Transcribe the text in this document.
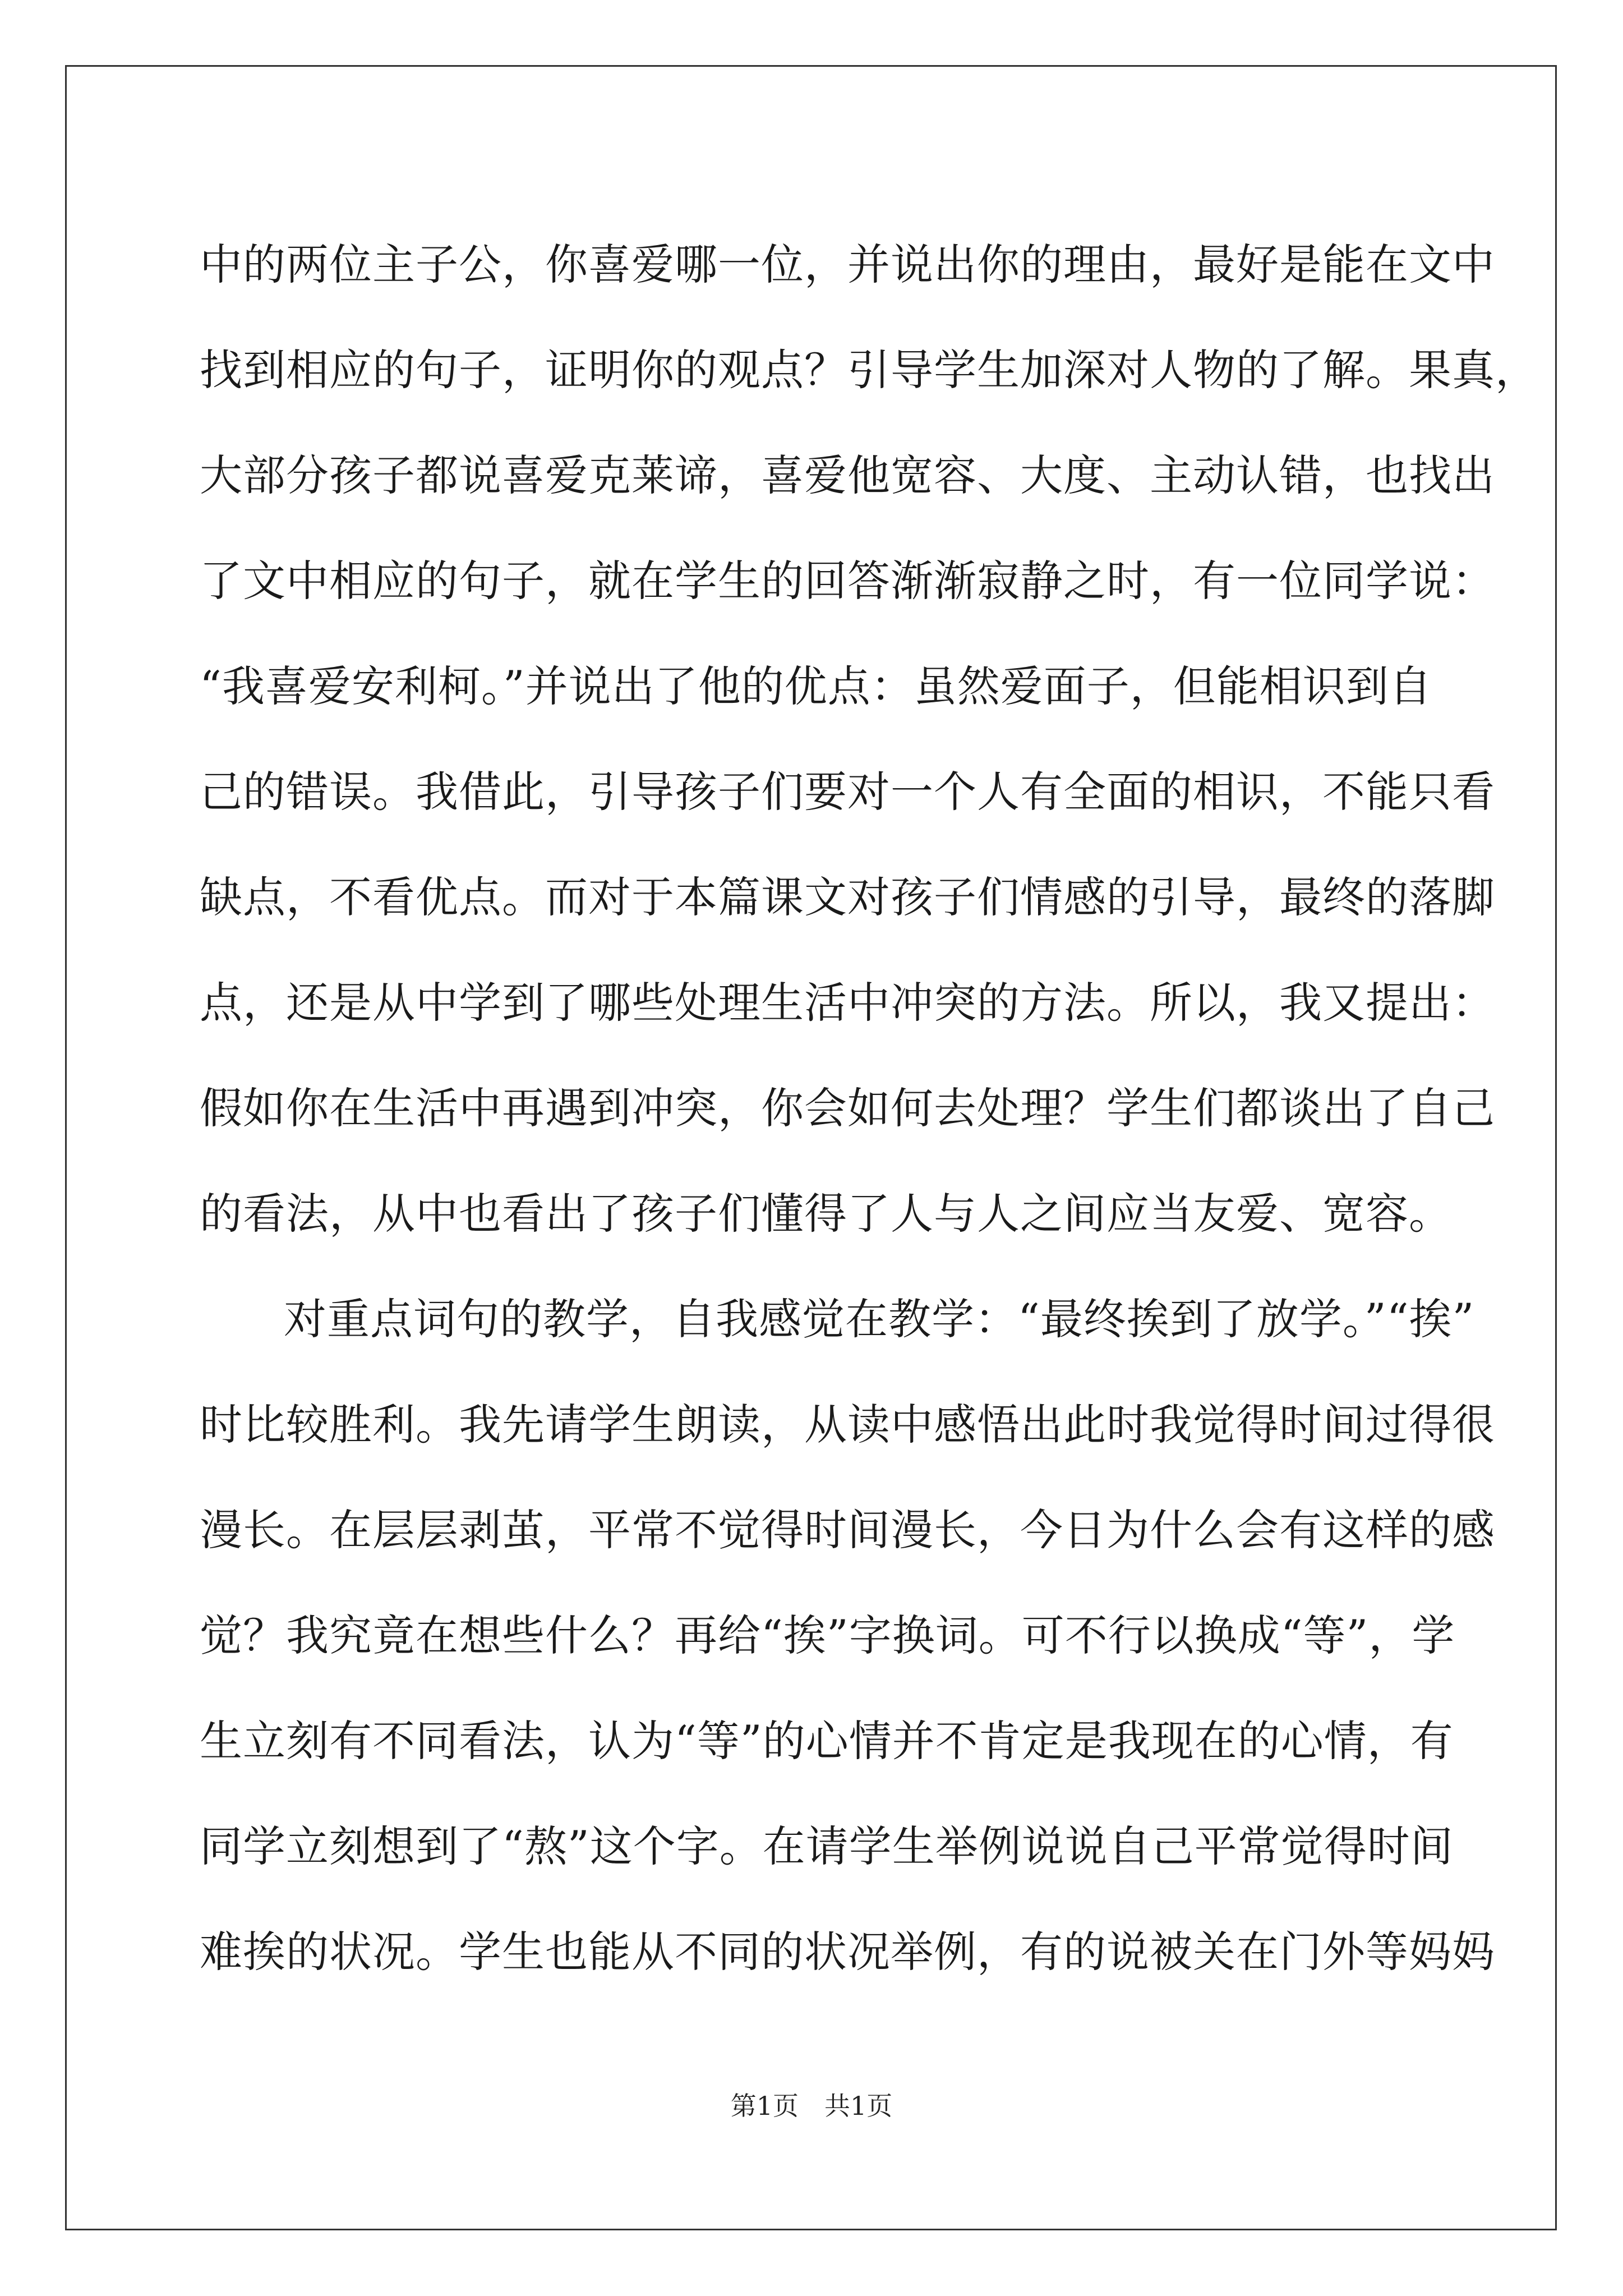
中的两位主子公，你喜爱哪一位，并说出你的理由，最好是能在文中
找到相应的句子，证明你的观点？引导学生加深对人物的了解。果真，
大部分孩子都说喜爱克莱谛，喜爱他宽容、大度、主动认错，也找出
了文中相应的句子，就在学生的回答渐渐寂静之时，有一位同学说：
“我喜爱安利柯。”并说出了他的优点：虽然爱面子，但能相识到自
己的错误。我借此，引导孩子们要对一个人有全面的相识，不能只看
缺点，不看优点。而对于本篇课文对孩子们情感的引导，最终的落脚
点，还是从中学到了哪些处理生活中冲突的方法。所以，我又提出：
假如你在生活中再遇到冲突，你会如何去处理？学生们都谈出了自己
的看法，从中也看出了孩子们懂得了人与人之间应当友爱、宽容。
对重点词句的教学，自我感觉在教学：“最终挨到了放学。”“挨”
时比较胜利。我先请学生朗读，从读中感悟出此时我觉得时间过得很
漫长。在层层剥茧，平常不觉得时间漫长，今日为什么会有这样的感
觉？我究竟在想些什么？再给“挨”字换词。可不行以换成“等”，学
生立刻有不同看法，认为“等”的心情并不肯定是我现在的心情，有
同学立刻想到了“熬”这个字。在请学生举例说说自己平常觉得时间
难挨的状况。学生也能从不同的状况举例，有的说被关在门外等妈妈
第1页　共1页
